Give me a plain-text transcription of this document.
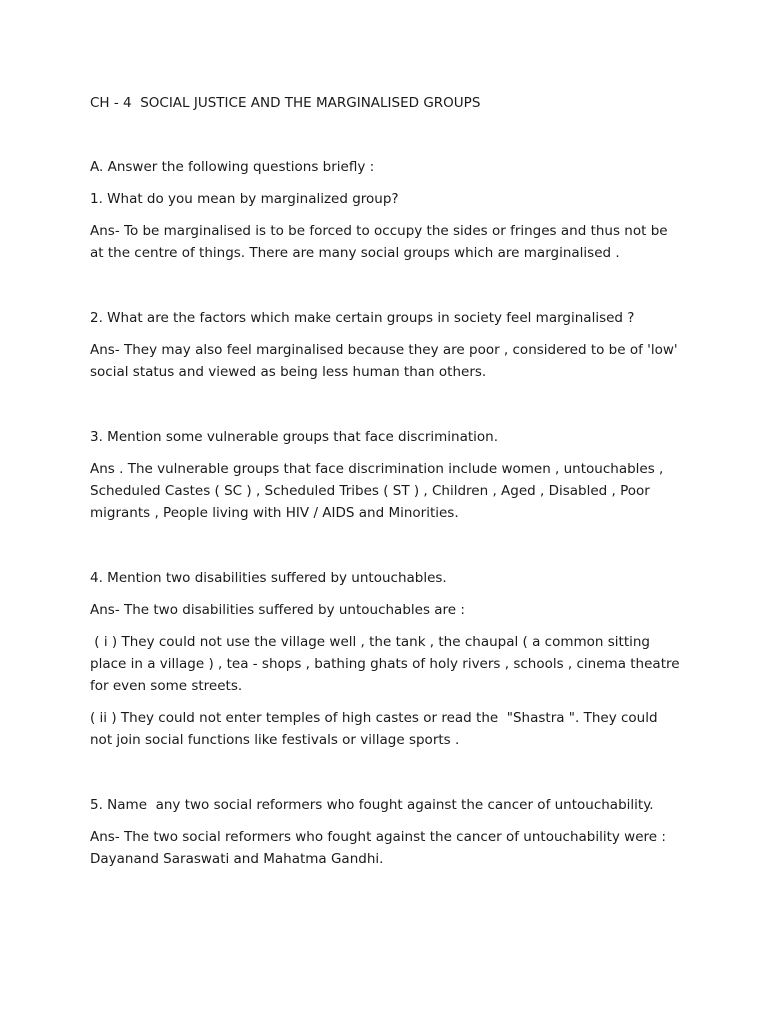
CH - 4  SOCIAL JUSTICE AND THE MARGINALISED GROUPS

A. Answer the following questions briefly :

1. What do you mean by marginalized group?

Ans- To be marginalised is to be forced to occupy the sides or fringes and thus not be at the centre of things. There are many social groups which are marginalised .

2. What are the factors which make certain groups in society feel marginalised ?

Ans- They may also feel marginalised because they are poor , considered to be of 'low' social status and viewed as being less human than others.

3. Mention some vulnerable groups that face discrimination.

Ans . The vulnerable groups that face discrimination include women , untouchables , Scheduled Castes ( SC ) , Scheduled Tribes ( ST ) , Children , Aged , Disabled , Poor migrants , People living with HIV / AIDS and Minorities.

4. Mention two disabilities suffered by untouchables.

Ans- The two disabilities suffered by untouchables are :

( i ) They could not use the village well , the tank , the chaupal ( a common sitting place in a village ) , tea - shops , bathing ghats of holy rivers , schools , cinema theatre for even some streets.

( ii ) They could not enter temples of high castes or read the  "Shastra ". They could not join social functions like festivals or village sports .

5. Name  any two social reformers who fought against the cancer of untouchability.

Ans- The two social reformers who fought against the cancer of untouchability were : Dayanand Saraswati and Mahatma Gandhi.
